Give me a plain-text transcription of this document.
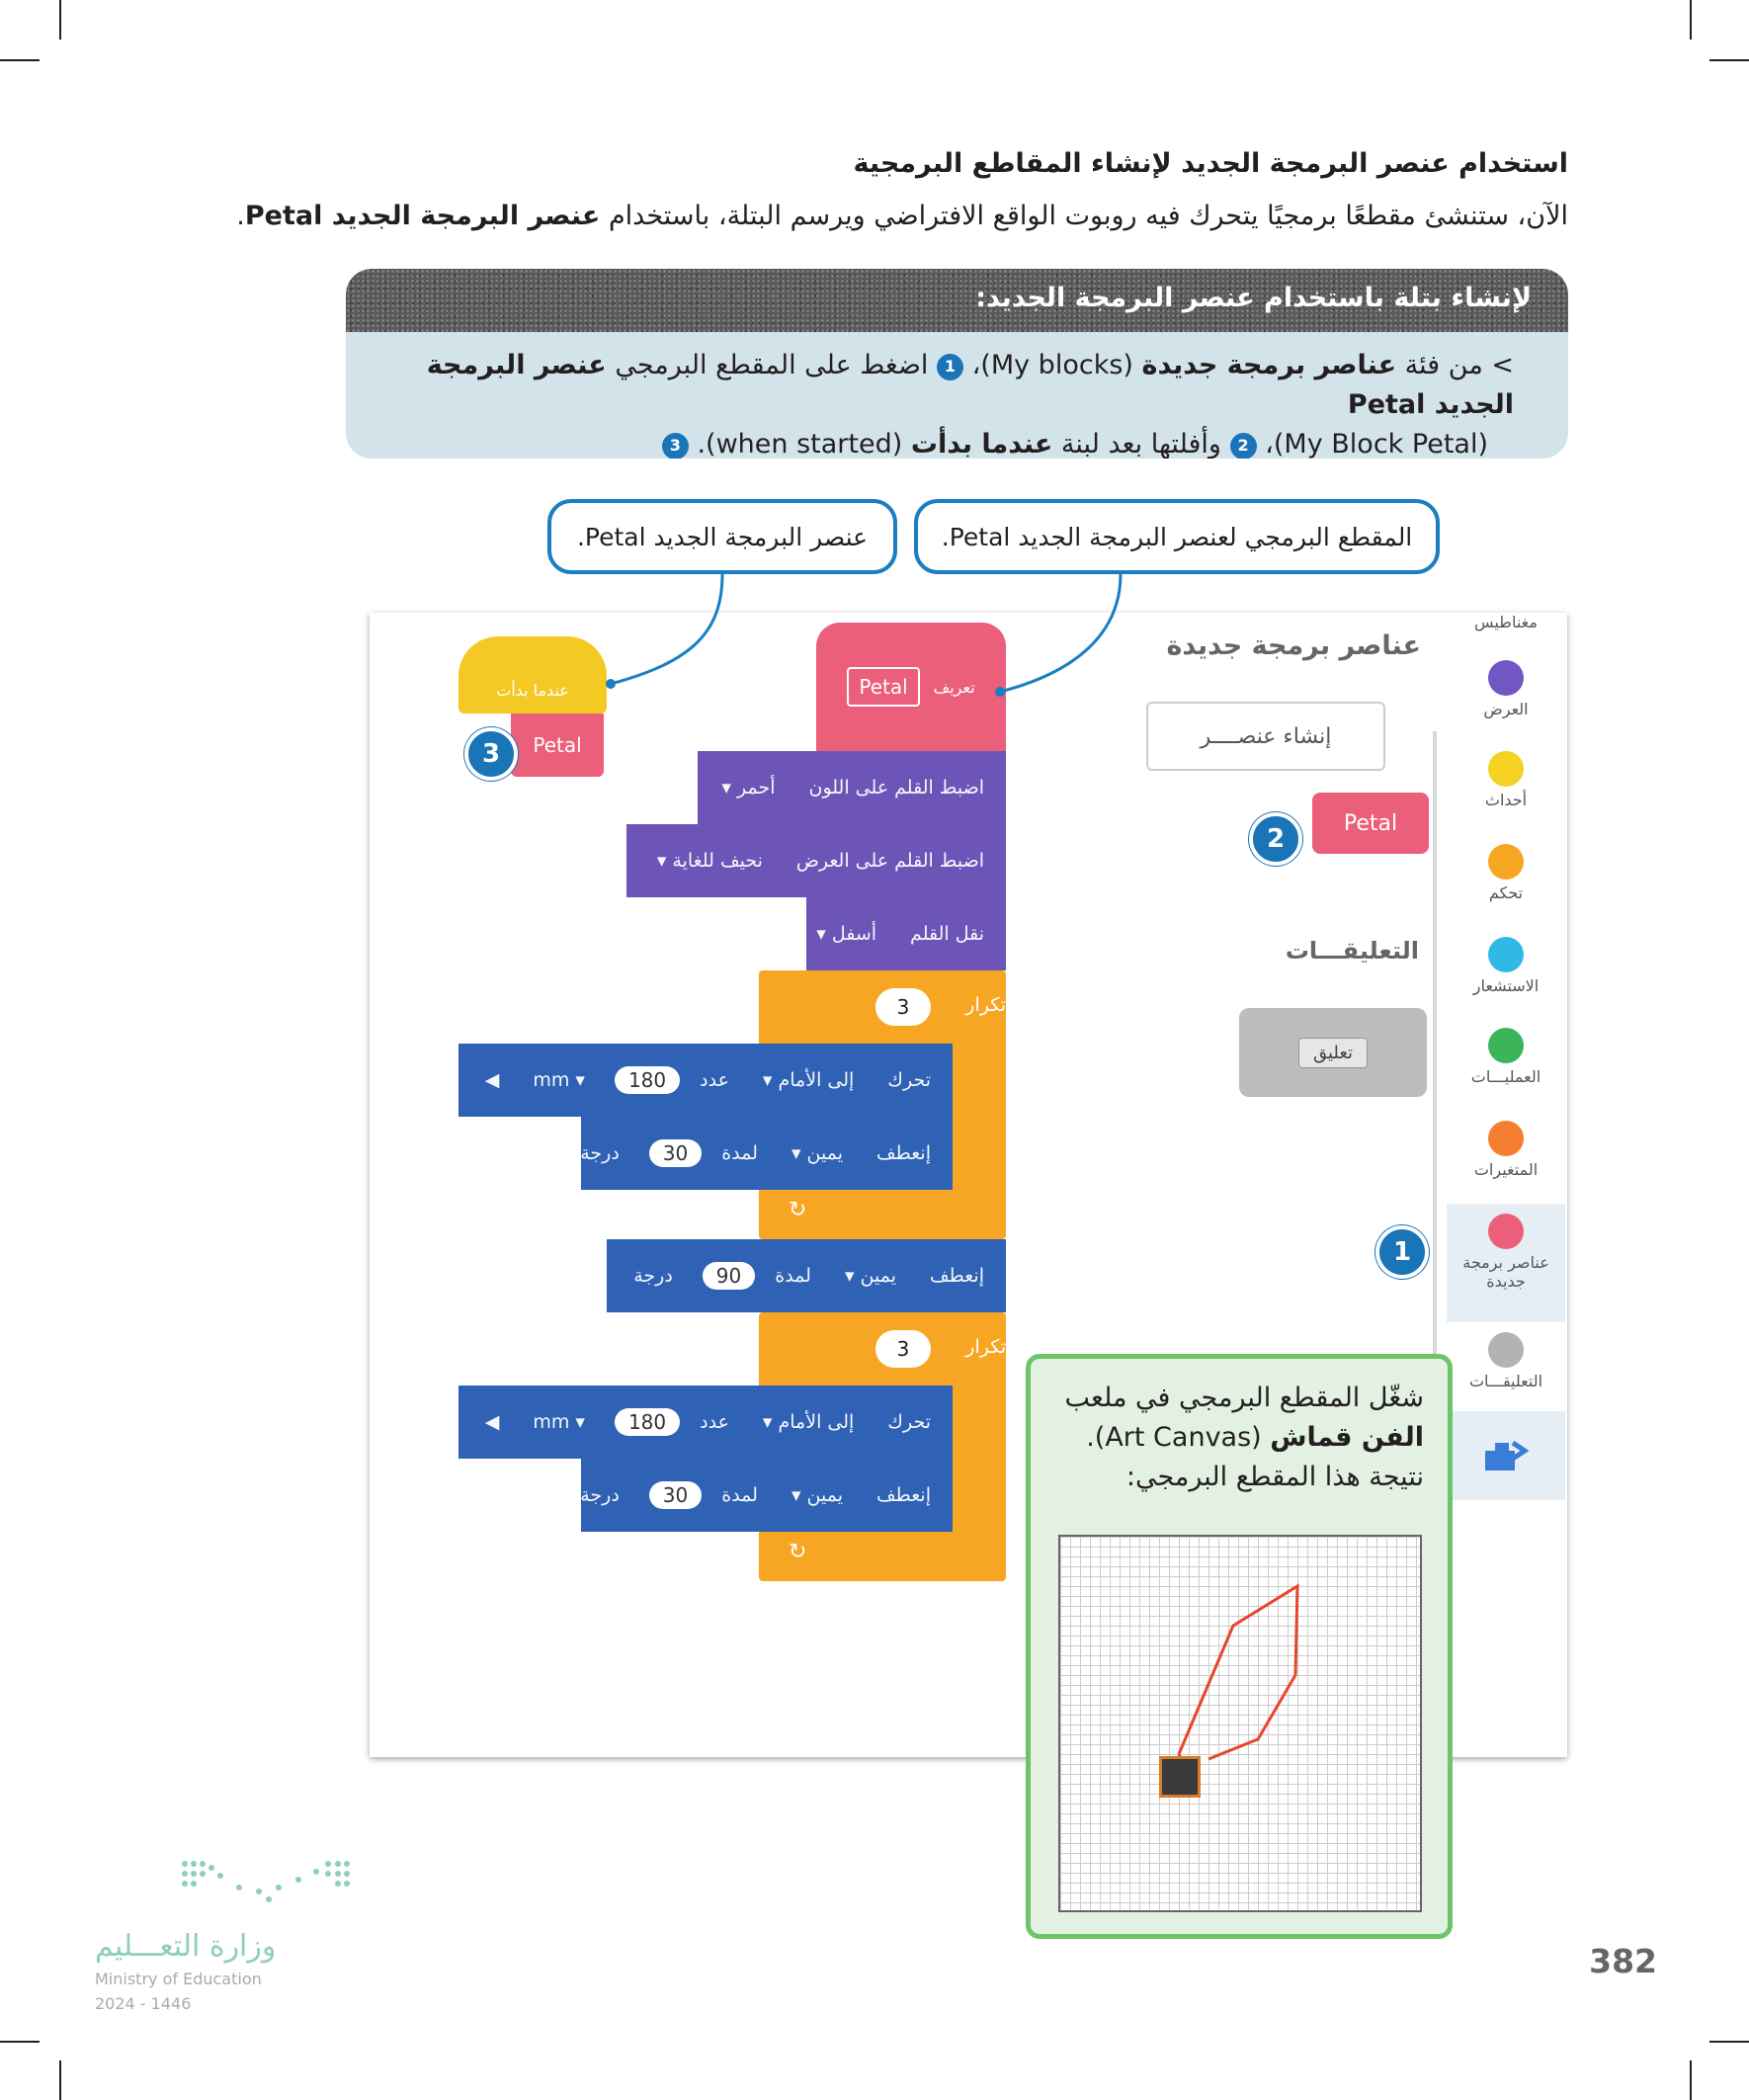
استخدام عنصر البرمجة الجديد لإنشاء المقاطع البرمجية
الآن، ستنشئ مقطعًا برمجيًا يتحرك فيه روبوت الواقع الافتراضي ويرسم البتلة، باستخدام عنصر البرمجة الجديد Petal.
لإنشاء بتلة باستخدام عنصر البرمجة الجديد:
> من فئة عناصر برمجة جديدة (My blocks)، 1 اضغط على المقطع البرمجي عنصر البرمجة الجديد Petal
(My Block Petal)، 2 وأفلتها بعد لبنة عندما بدأت (when started). 3
عنصر البرمجة الجديد Petal.	المقطع البرمجي لعنصر البرمجة الجديد Petal.
مغناطيس
العرض
أحداث
تحكم
الاستشعار
العمليـــات
المتغيرات
عناصر برمجة جديدة
التعليقـــات
عناصر برمجة جديدة
إنشاء عنصــــر
Petal
التعليقـــات
تعليق
عندما بدأت
Petal
تعريف
Petal
اضبط القلم على اللون
أحمر ▾
اضبط القلم على العرض
نحيف للغاية ▾
نقل القلم
أسفل ▾
تكرار
3
↻
تحرك
إلى الأمام ▾
عدد
180
▾ mm
◀
إنعطف
يمين ▾
لمدة
30
درجة
◀
إنعطف
يمين ▾
لمدة
90
درجة
◀
تكرار
3
↻
تحرك
إلى الأمام ▾
عدد
180
▾ mm
◀
إنعطف
يمين ▾
لمدة
30
درجة
◀
1
2
3
شغّل المقطع البرمجي في ملعب
الفن قماش (Art Canvas).
نتيجة هذا المقطع البرمجي:
382
وزارة التعـــليم
Ministry of Education
2024 - 1446
